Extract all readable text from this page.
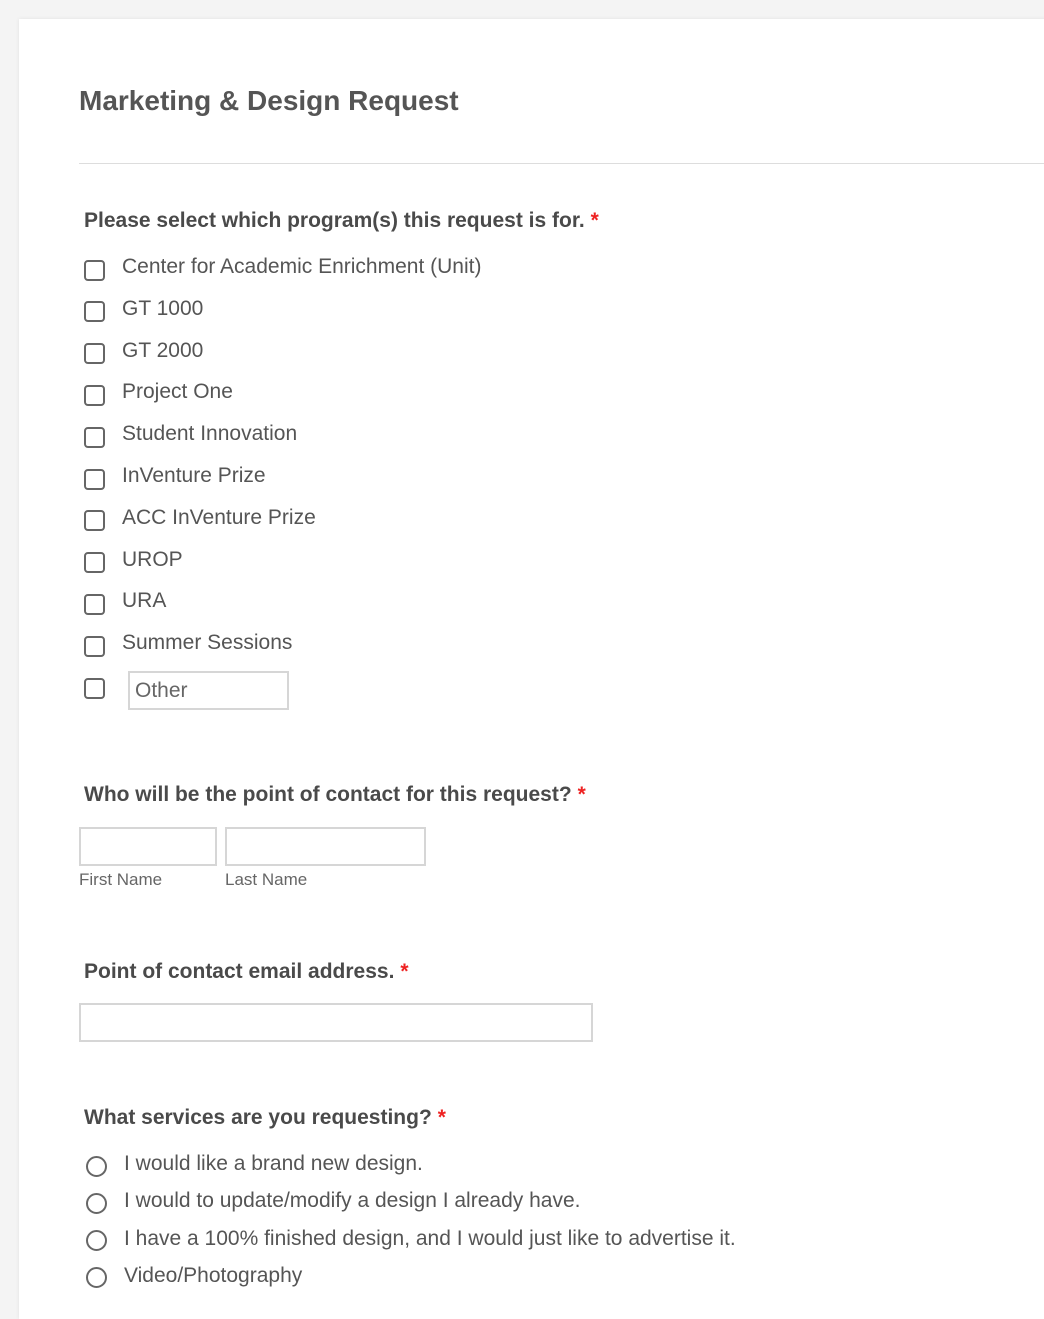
Marketing & Design Request
Please select which program(s) this request is for. *
Center for Academic Enrichment (Unit)
GT 1000
GT 2000
Project One
Student Innovation
InVenture Prize
ACC InVenture Prize
UROP
URA
Summer Sessions
Other
Who will be the point of contact for this request? *
First Name	Last Name
Point of contact email address. *
What services are you requesting? *
I would like a brand new design.
I would to update/modify a design I already have.
I have a 100% finished design, and I would just like to advertise it.
Video/Photography
